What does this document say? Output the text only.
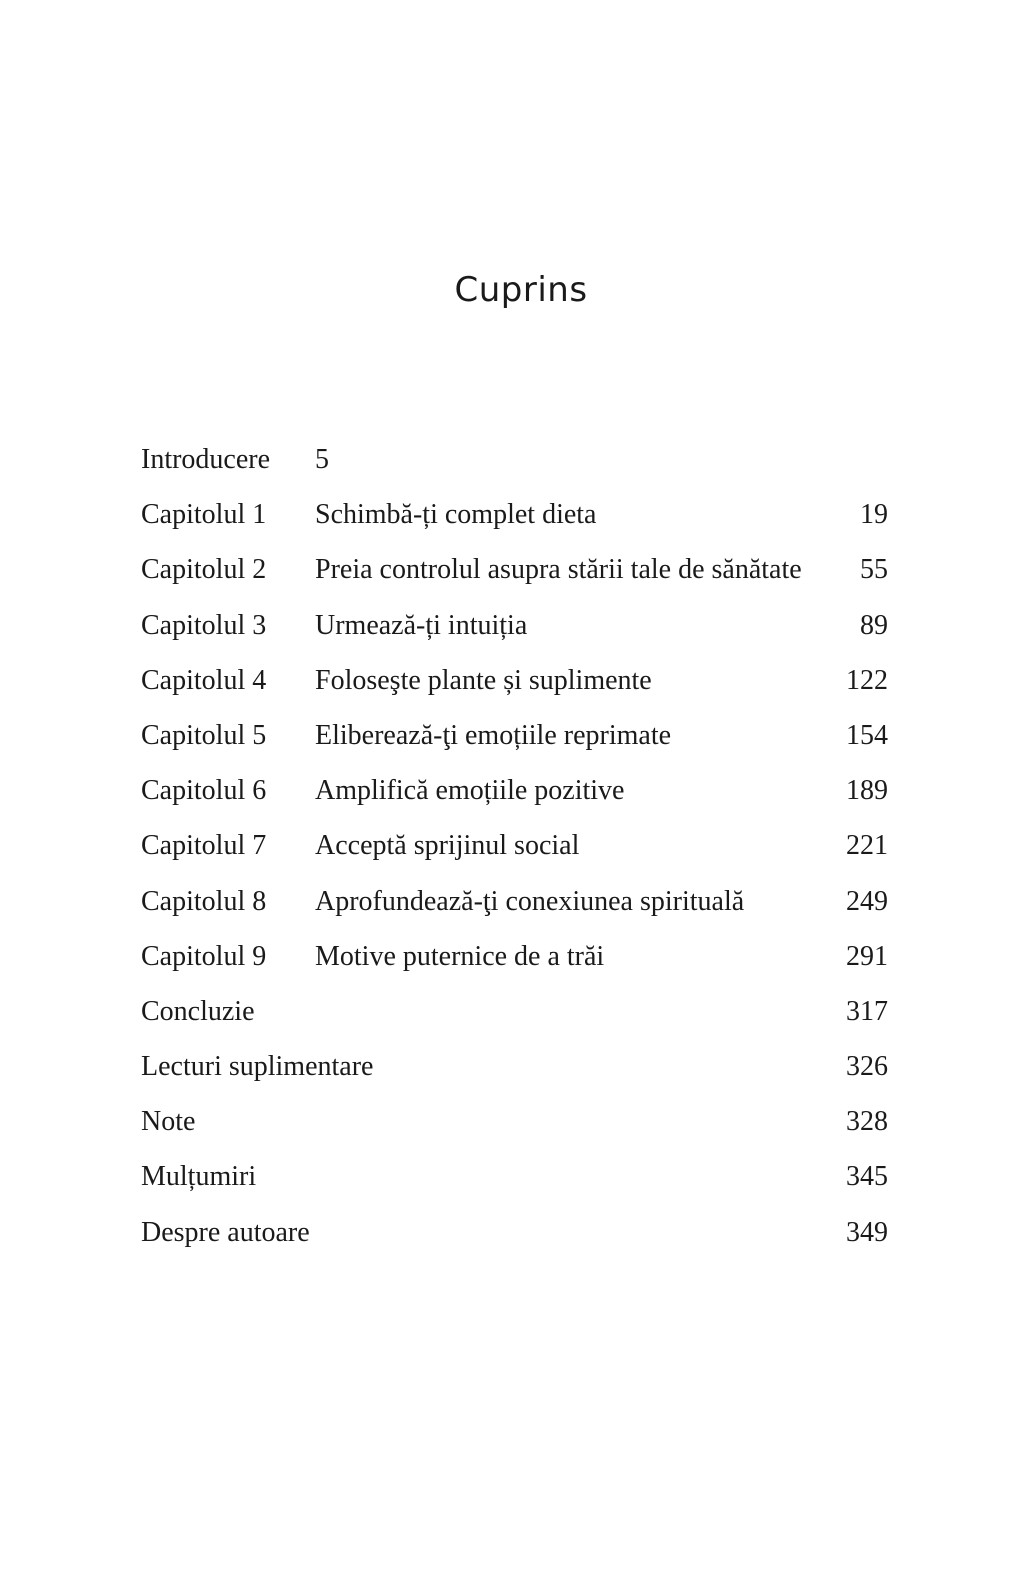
Cuprins
Introducere 5
Capitolul 1 Schimbă-ți complet dieta	19
Capitolul 2 Preia controlul asupra stării tale de sănătate 55
Capitolul 3 Urmează-ți intuiția	89
Capitolul 4 Foloseşte plante și suplimente	122
Capitolul 5 Eliberează-ţi emoțiile reprimate	154
Capitolul 6 Amplifică emoțiile pozitive	189
Capitolul 7 Acceptă sprijinul social	221
Capitolul 8 Aprofundează-ţi conexiunea spirituală	249
Capitolul 9 Motive puternice de a trăi	291
Concluzie	317
Lecturi suplimentare	326
Note	328
Mulțumiri	345
Despre autoare	349
